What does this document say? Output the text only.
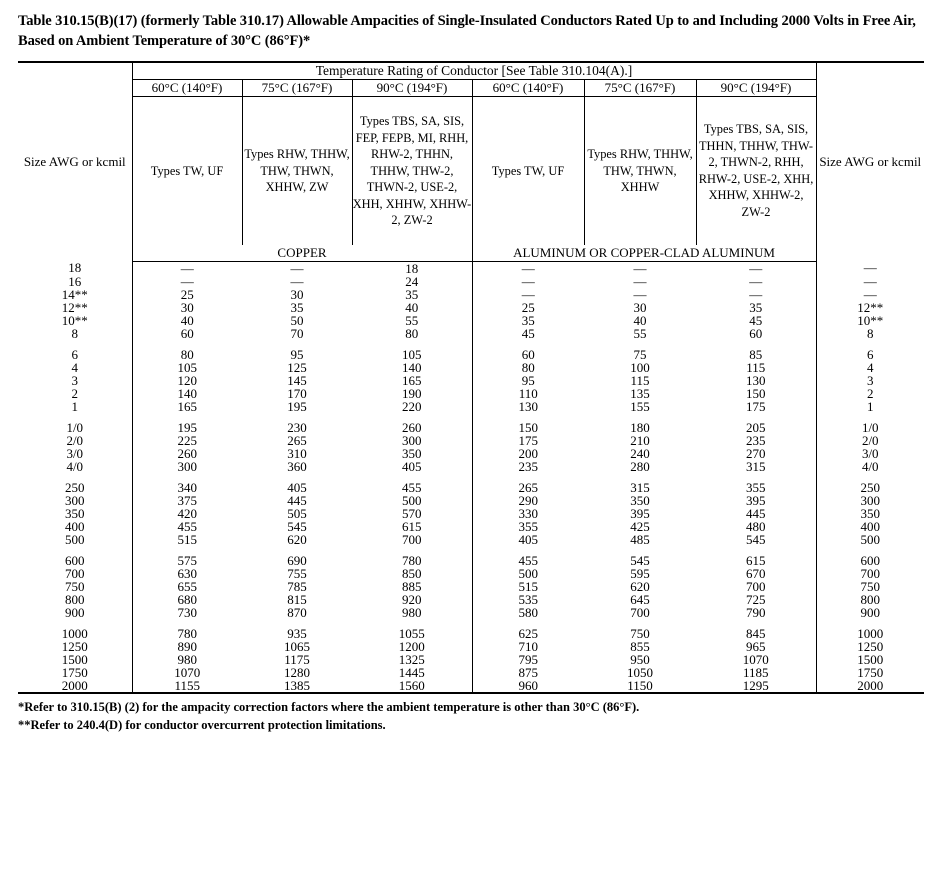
Table 310.15(B)(17) (formerly Table 310.17) Allowable Ampacities of Single-Insulated Conductors Rated Up to and Including 2000 Volts in Free Air, Based on Ambient Temperature of 30°C (86°F)*
Size AWG or kcmil	Temperature Rating of Conductor [See Table 310.104(A).]						Size AWG or kcmil
	60°C (140°F)	75°C (167°F)	90°C (194°F)	60°C (140°F)	75°C (167°F)	90°C (194°F)	
	Types TW, UF	Types RHW, THHW, THW, THWN, XHHW, ZW	Types TBS, SA, SIS, FEP, FEPB, MI, RHH, RHW-2, THHN, THHW, THW-2, THWN-2, USE-2, XHH, XHHW, XHHW-2, ZW-2	Types TW, UF	Types RHW, THHW, THW, THWN, XHHW	Types TBS, SA, SIS, THHN, THHW, THW-2, THWN-2, RHH, RHW-2, USE-2, XHH, XHHW, XHHW-2, ZW-2	
	COPPER			ALUMINUM OR COPPER-CLAD ALUMINUM			
18	—	—	18	—	—	—	—
16	—	—	24	—	—	—	—
14**	25	30	35	—	—	—	—
12**	30	35	40	25	30	35	12**
10**	40	50	55	35	40	45	10**
8	60	70	80	45	55	60	8

6	80	95	105	60	75	85	6
4	105	125	140	80	100	115	4
3	120	145	165	95	115	130	3
2	140	170	190	110	135	150	2
1	165	195	220	130	155	175	1

1/0	195	230	260	150	180	205	1/0
2/0	225	265	300	175	210	235	2/0
3/0	260	310	350	200	240	270	3/0
4/0	300	360	405	235	280	315	4/0

250	340	405	455	265	315	355	250
300	375	445	500	290	350	395	300
350	420	505	570	330	395	445	350
400	455	545	615	355	425	480	400
500	515	620	700	405	485	545	500

600	575	690	780	455	545	615	600
700	630	755	850	500	595	670	700
750	655	785	885	515	620	700	750
800	680	815	920	535	645	725	800
900	730	870	980	580	700	790	900

1000	780	935	1055	625	750	845	1000
1250	890	1065	1200	710	855	965	1250
1500	980	1175	1325	795	950	1070	1500
1750	1070	1280	1445	875	1050	1185	1750
2000	1155	1385	1560	960	1150	1295	2000
*Refer to 310.15(B) (2) for the ampacity correction factors where the ambient temperature is other than 30°C (86°F).
**Refer to 240.4(D) for conductor overcurrent protection limitations.
